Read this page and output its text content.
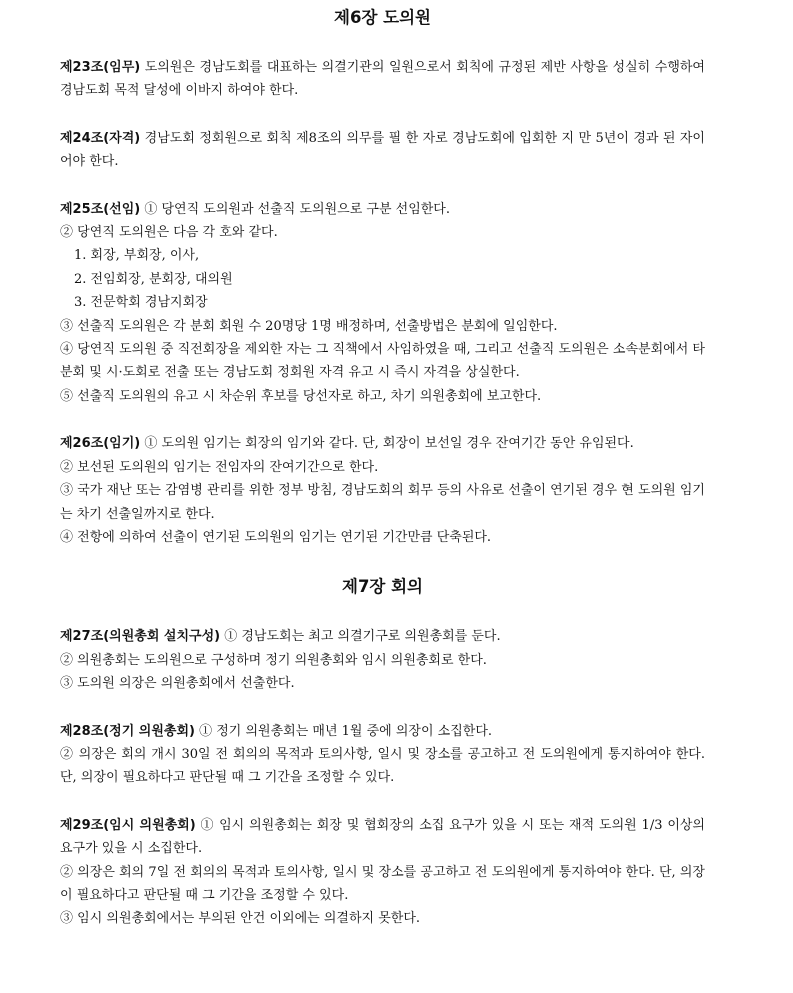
제6장 도의원

제23조(임무) 도의원은 경남도회를 대표하는 의결기관의 일원으로서 회칙에 규정된 제반 사항을 성실히 수행하여 경남도회 목적 달성에 이바지 하여야 한다.

제24조(자격) 경남도회 정회원으로 회칙 제8조의 의무를 필 한 자로 경남도회에 입회한 지 만 5년이 경과 된 자이어야 한다.

제25조(선임) ① 당연직 도의원과 선출직 도의원으로 구분 선임한다.

② 당연직 도의원은 다음 각 호와 같다.

1. 회장, 부회장, 이사,

2. 전임회장, 분회장, 대의원

3. 전문학회 경남지회장

③ 선출직 도의원은 각 분회 회원 수 20명당 1명 배정하며, 선출방법은 분회에 일임한다.

④ 당연직 도의원 중 직전회장을 제외한 자는 그 직책에서 사임하였을 때, 그리고 선출직 도의원은 소속분회에서 타 분회 및 시·도회로 전출 또는 경남도회 정회원 자격 유고 시 즉시 자격을 상실한다.

⑤ 선출직 도의원의 유고 시 차순위 후보를 당선자로 하고, 차기 의원총회에 보고한다.

제26조(임기) ① 도의원 임기는 회장의 임기와 같다. 단, 회장이 보선일 경우 잔여기간 동안 유임된다.

② 보선된 도의원의 임기는 전임자의 잔여기간으로 한다.

③ 국가 재난 또는 감염병 관리를 위한 정부 방침, 경남도회의 회무 등의 사유로 선출이 연기된 경우 현 도의원 임기는 차기 선출일까지로 한다.

④ 전항에 의하여 선출이 연기된 도의원의 임기는 연기된 기간만큼 단축된다.

제7장 회의

제27조(의원총회 설치구성) ① 경남도회는 최고 의결기구로 의원총회를 둔다.

② 의원총회는 도의원으로 구성하며 정기 의원총회와 임시 의원총회로 한다.

③ 도의원 의장은 의원총회에서 선출한다.

제28조(정기 의원총회) ① 정기 의원총회는 매년 1월 중에 의장이 소집한다.

② 의장은 회의 개시 30일 전 회의의 목적과 토의사항, 일시 및 장소를 공고하고 전 도의원에게 통지하여야 한다. 단, 의장이 필요하다고 판단될 때 그 기간을 조정할 수 있다.

제29조(임시 의원총회) ① 임시 의원총회는 회장 및 협회장의 소집 요구가 있을 시 또는 재적 도의원 1/3 이상의 요구가 있을 시 소집한다.

② 의장은 회의 7일 전 회의의 목적과 토의사항, 일시 및 장소를 공고하고 전 도의원에게 통지하여야 한다. 단, 의장이 필요하다고 판단될 때 그 기간을 조정할 수 있다.

③ 임시 의원총회에서는 부의된 안건 이외에는 의결하지 못한다.
